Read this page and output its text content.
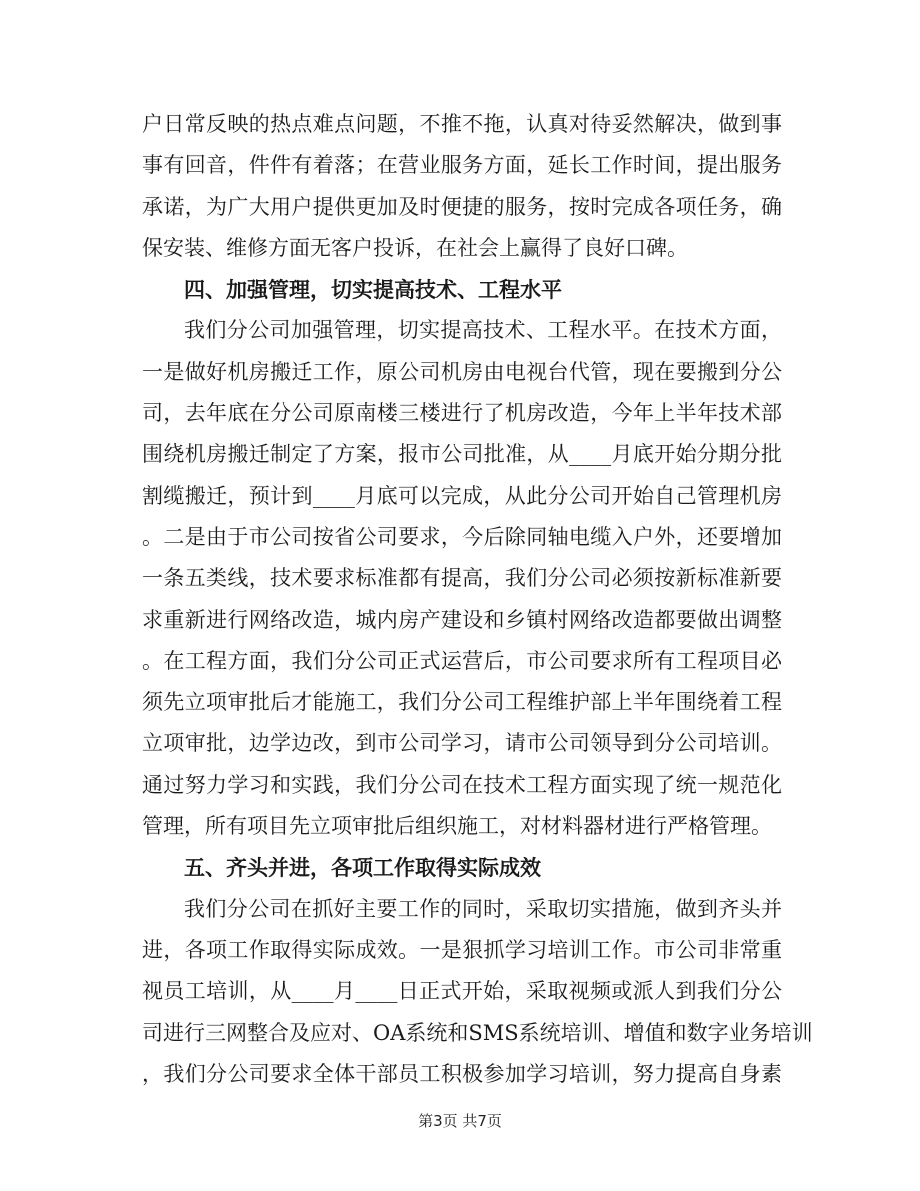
户日常反映的热点难点问题，不推不拖，认真对待妥然解决，做到事
事有回音，件件有着落；在营业服务方面，延长工作时间，提出服务
承诺，为广大用户提供更加及时便捷的服务，按时完成各项任务，确
保安装、维修方面无客户投诉，在社会上赢得了良好口碑。
四、加强管理，切实提高技术、工程水平
我们分公司加强管理，切实提高技术、工程水平。在技术方面，
一是做好机房搬迁工作，原公司机房由电视台代管，现在要搬到分公
司，去年底在分公司原南楼三楼进行了机房改造，今年上半年技术部
围绕机房搬迁制定了方案，报市公司批准，从____月底开始分期分批
割缆搬迁，预计到____月底可以完成，从此分公司开始自己管理机房
。二是由于市公司按省公司要求，今后除同轴电缆入户外，还要增加
一条五类线，技术要求标准都有提高，我们分公司必须按新标准新要
求重新进行网络改造，城内房产建设和乡镇村网络改造都要做出调整
。在工程方面，我们分公司正式运营后，市公司要求所有工程项目必
须先立项审批后才能施工，我们分公司工程维护部上半年围绕着工程
立项审批，边学边改，到市公司学习，请市公司领导到分公司培训。
通过努力学习和实践，我们分公司在技术工程方面实现了统一规范化
管理，所有项目先立项审批后组织施工，对材料器材进行严格管理。
五、齐头并进，各项工作取得实际成效
我们分公司在抓好主要工作的同时，采取切实措施，做到齐头并
进，各项工作取得实际成效。一是狠抓学习培训工作。市公司非常重
视员工培训，从____月____日正式开始，采取视频或派人到我们分公
司进行三网整合及应对、OA系统和SMS系统培训、增值和数字业务培训
，我们分公司要求全体干部员工积极参加学习培训，努力提高自身素
第3页 共7页
